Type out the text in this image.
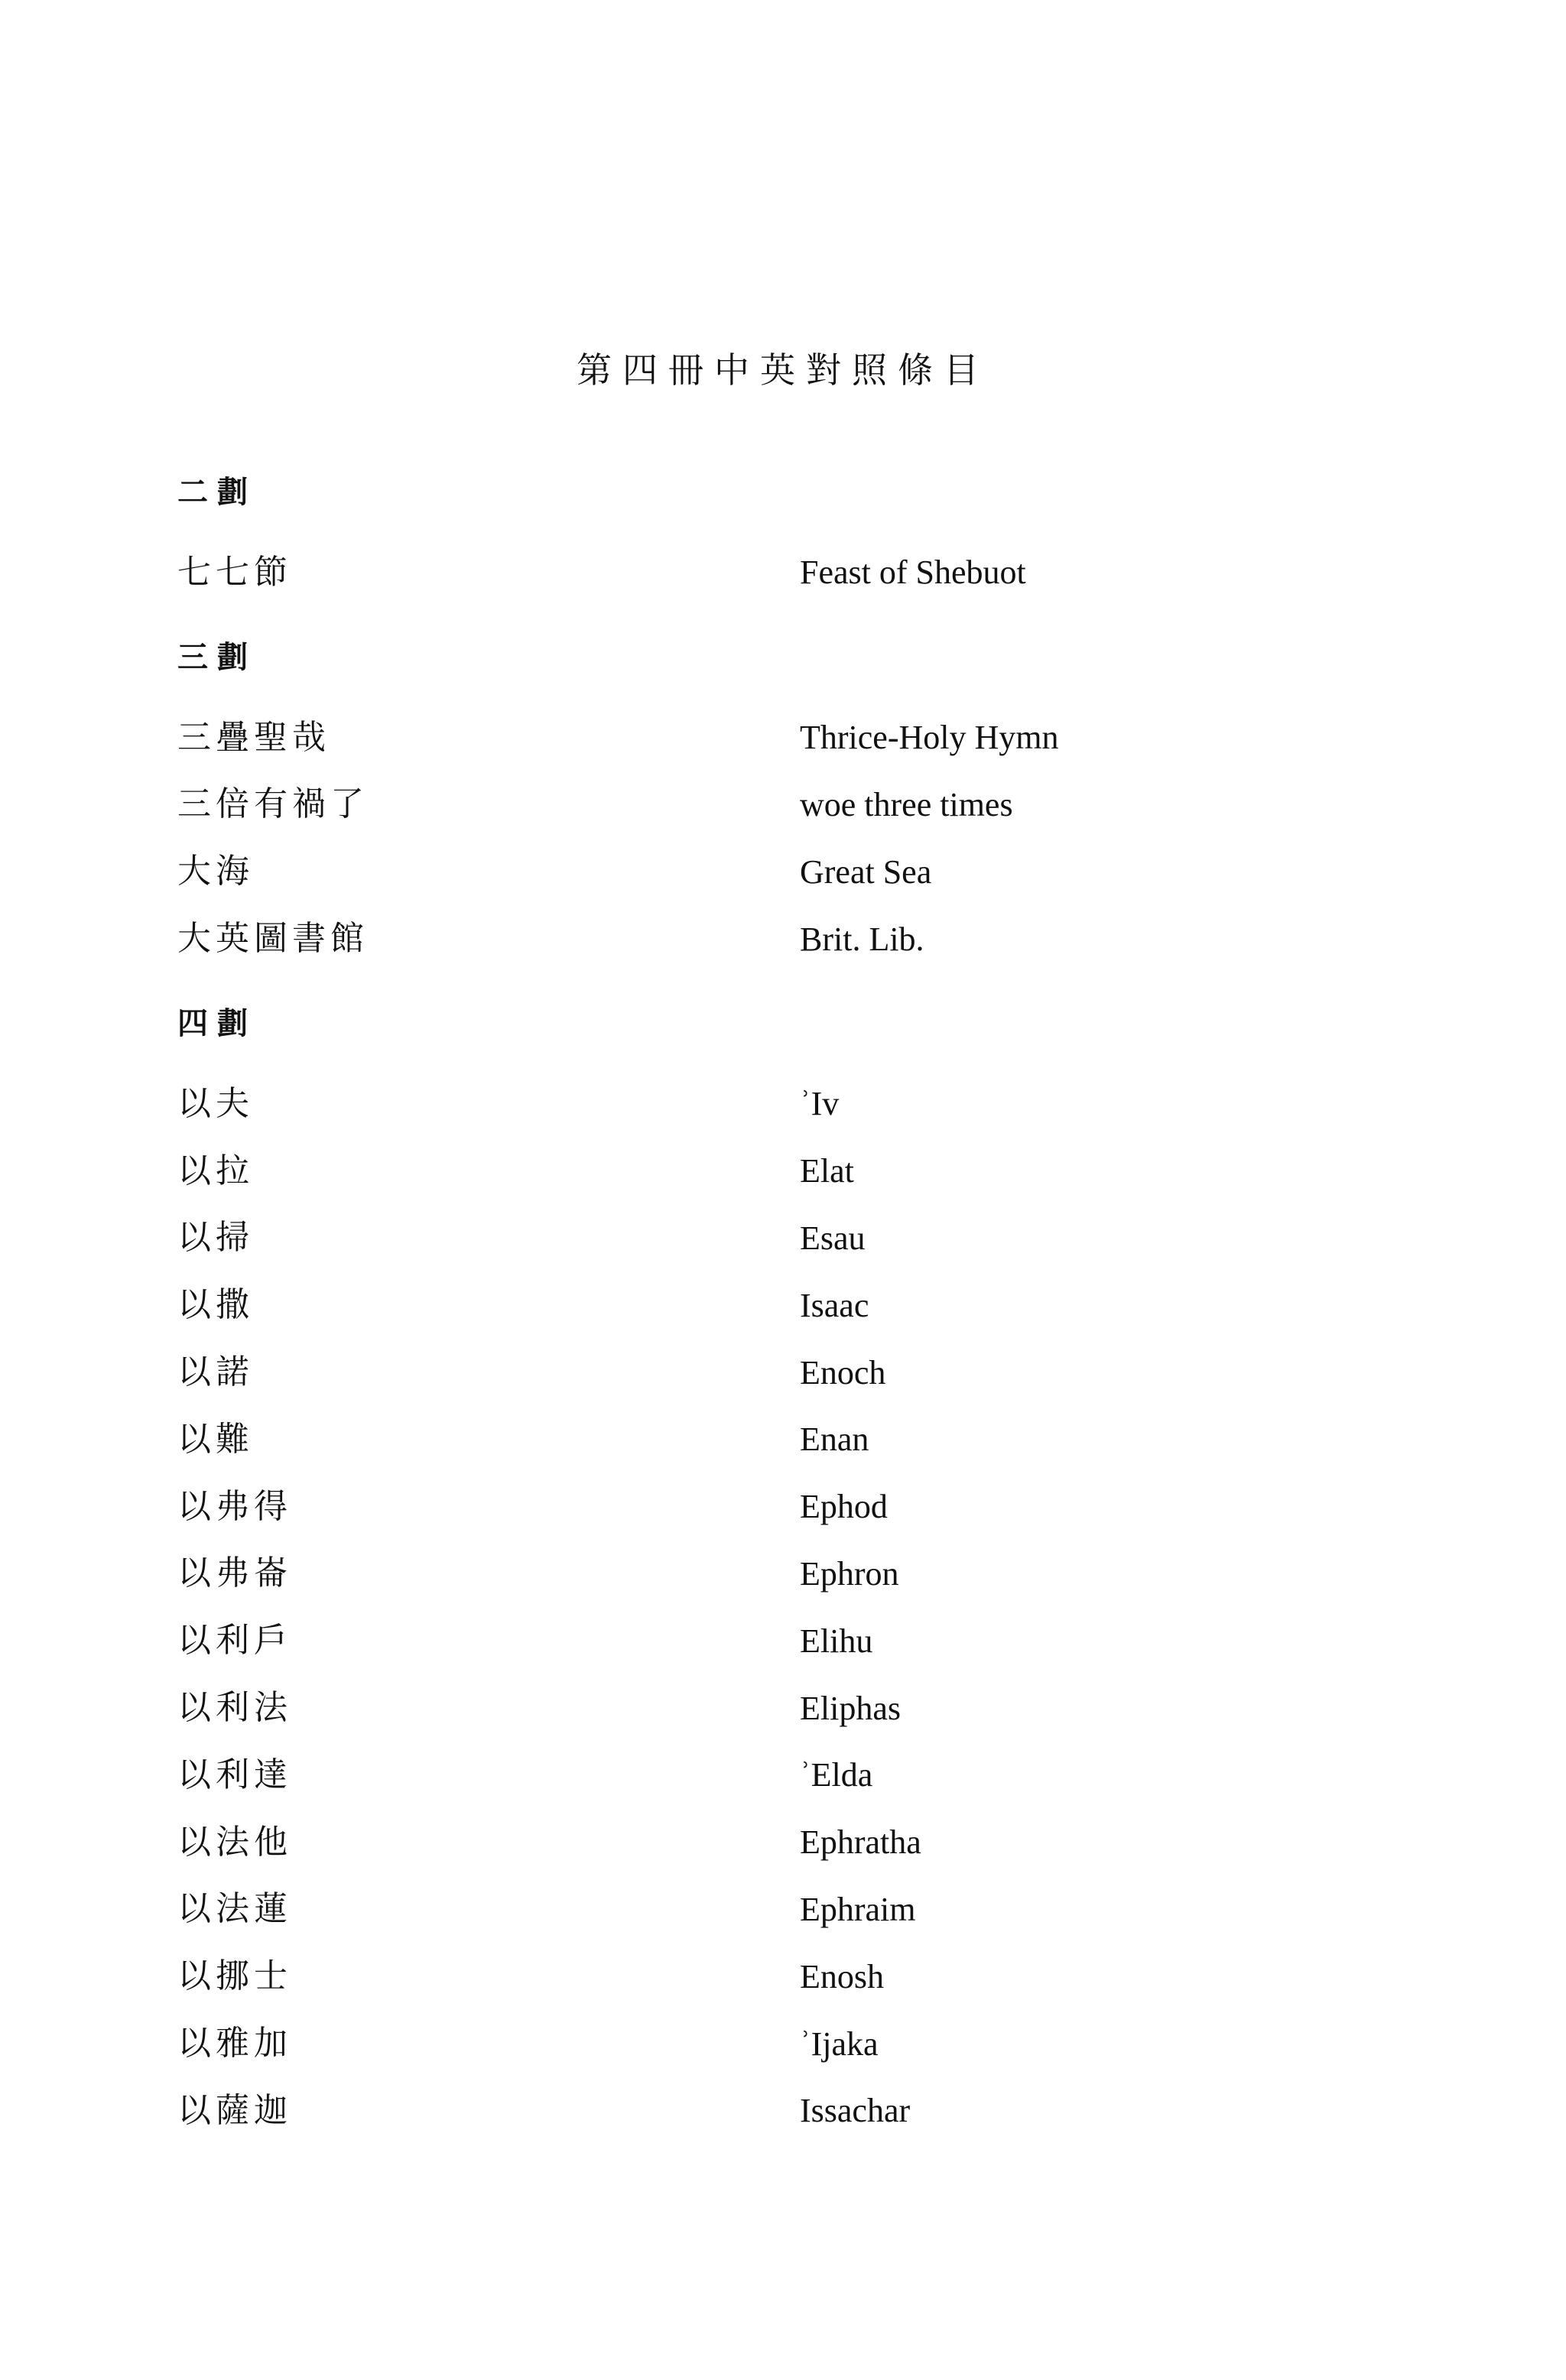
第四冊中英對照條目
二劃
七七節	Feast of Shebuot
三劃
三疊聖哉	Thrice-Holy Hymn
三倍有禍了	woe three times
大海	Great Sea
大英圖書館	Brit. Lib.
四劃
以夫	ʾIv
以拉	Elat
以掃	Esau
以撒	Isaac
以諾	Enoch
以難	Enan
以弗得	Ephod
以弗崙	Ephron
以利戶	Elihu
以利法	Eliphas
以利達	ʾElda
以法他	Ephratha
以法蓮	Ephraim
以挪士	Enosh
以雅加	ʾIjaka
以薩迦	Issachar
